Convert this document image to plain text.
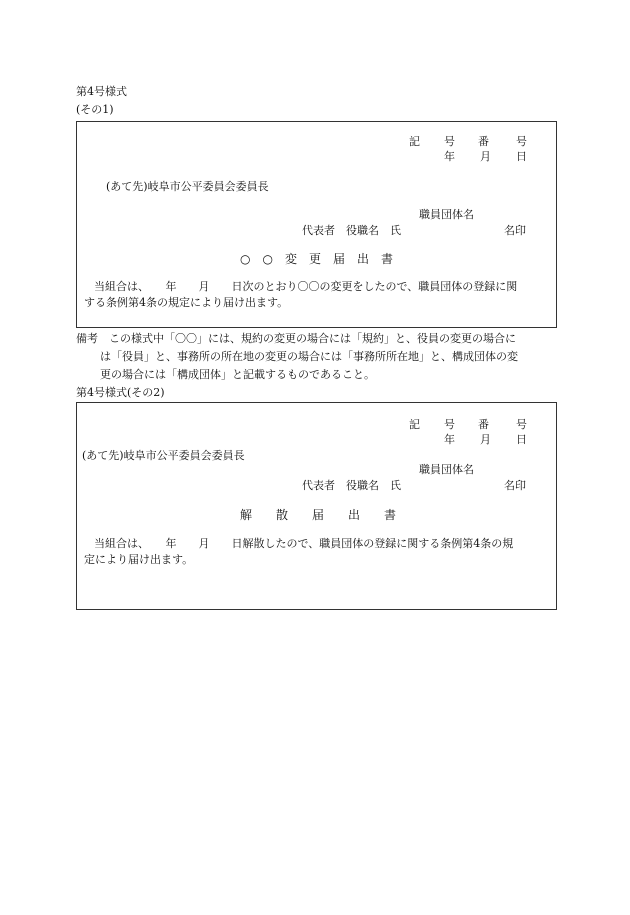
第4号様式
(その1)
記 号 番 号
年 月 日
(あて先)岐阜市公平委員会委員長
職員団体名
代表者　役職名　氏	名印
○　○　変　更　届　出　書
当組合は、　　年　　月　　日次のとおり〇〇の変更をしたので、職員団体の登録に関
する条例第4条の規定により届け出ます。
備考　この様式中「〇〇」には、規約の変更の場合には「規約」と、役員の変更の場合に
は「役員」と、事務所の所在地の変更の場合には「事務所所在地」と、構成団体の変
更の場合には「構成団体」と記載するものであること。
第4号様式(その2)
記 号 番 号
年 月 日
(あて先)岐阜市公平委員会委員長
職員団体名
代表者　役職名　氏	名印
解　　散　　届　　出　　書
当組合は、　　年　　月　　日解散したので、職員団体の登録に関する条例第4条の規
定により届け出ます。
